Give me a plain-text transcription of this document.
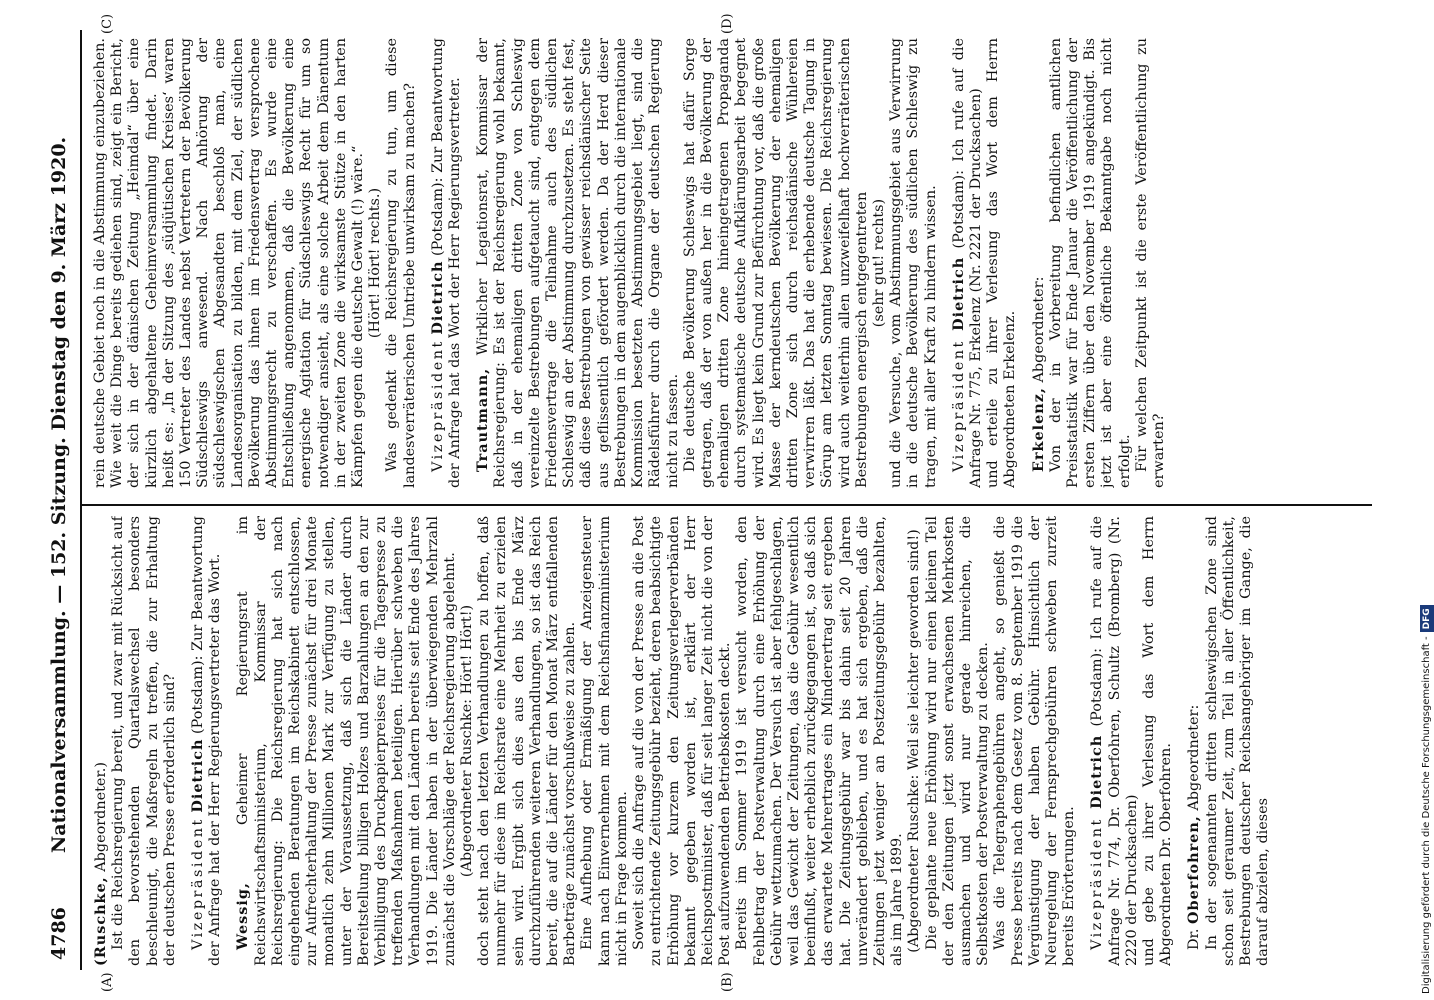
4786
Nationalversammlung. — 152. Sitzung. Dienstag den 9. März 1920.
(A)	(B)
(C)	(D)

(Ruschke, Abgeordneter.) Ist die Reichsregierung bereit, und zwar mit Rücksicht auf den bevorstehenden Quartalswechsel besonders beschleunigt, die Maßregeln zu treffen, die zur Erhaltung der deutschen Presse erforderlich sind? Vizepräsident Dietrich (Potsdam): Zur Beantwortung der Anfrage hat der Herr Regierungsvertreter das Wort. Wessig, Geheimer Regierungsrat im Reichswirtschaftsministerium, Kommissar der Reichsregierung: Die Reichsregierung hat sich nach eingehenden Beratungen im Reichskabinett entschlossen, zur Aufrechterhaltung der Presse zunächst für drei Monate monatlich zehn Millionen Mark zur Verfügung zu stellen, unter der Voraussetzung, daß sich die Länder durch Bereitstellung billigen Holzes und Barzahlungen an den zur Verbilligung des Druckpapierpreises für die Tagespresse zu treffenden Maßnahmen beteiligen. Hierüber schweben die Verhandlungen mit den Ländern bereits seit Ende des Jahres 1919. Die Länder haben in der überwiegenden Mehrzahl zunächst die Vorschläge der Reichsregierung abgelehnt. (Abgeordneter Ruschke: Hört! Hört!) doch steht nach den letzten Verhandlungen zu hoffen, daß nunmehr für diese im Reichsrate eine Mehrheit zu erzielen sein wird. Ergibt sich dies aus den bis Ende März durchzuführenden weiteren Verhandlungen, so ist das Reich bereit, die auf die Länder für den Monat März entfallenden Barbeträge zunächst vorschußweise zu zahlen. Eine Aufhebung oder Ermäßigung der Anzeigensteuer kann nach Einvernehmen mit dem Reichsfinanzministerium nicht in Frage kommen. Soweit sich die Anfrage auf die von der Presse an die Post zu entrichtende Zeitungsgebühr bezieht, deren beabsichtigte Erhöhung vor kurzem den Zeitungsverlegerverbänden bekannt gegeben worden ist, erklärt der Herr Reichspostminister, daß für seit langer Zeit nicht die von der Post aufzuwendenden Betriebskosten deckt. Bereits im Sommer 1919 ist versucht worden, den Fehlbetrag der Postverwaltung durch eine Erhöhung der Gebühr wettzumachen. Der Versuch ist aber fehlgeschlagen, weil das Gewicht der Zeitungen, das die Gebühr wesentlich beeinflußt, weiter erheblich zurückgegangen ist, so daß sich das erwartete Mehrertrages ein Minderertrag seit ergeben hat. Die Zeitungsgebühr war bis dahin seit 20 Jahren unverändert geblieben, und es hat sich ergeben, daß die Zeitungen jetzt weniger an Postzeitungsgebühr bezahlten, als im Jahre 1899. (Abgeordneter Ruschke: Weil sie leichter geworden sind!) Die geplante neue Erhöhung wird nur einen kleinen Teil der den Zeitungen jetzt sonst erwachsenen Mehrkosten ausmachen und wird nur gerade hinreichen, die Selbstkosten der Postverwaltung zu decken. Was die Telegraphengebühren angeht, so genießt die Presse bereits nach dem Gesetz vom 8. September 1919 die Vergünstigung der halben Gebühr. Hinsichtlich der Neuregelung der Fernsprechgebühren schweben zurzeit bereits Erörterungen. Vizepräsident Dietrich (Potsdam): Ich rufe auf die Anfrage Nr. 774, Dr. Oberfohren, Schultz (Bromberg) (Nr. 2220 der Drucksachen) und gebe zu ihrer Verlesung das Wort dem Herrn Abgeordneten Dr. Oberfohren. Dr. Oberfohren, Abgeordneter: In der sogenannten dritten schleswigschen Zone sind schon seit geraumer Zeit, zum Teil in aller Öffentlichkeit, Bestrebungen deutscher Reichsangehöriger im Gange, die darauf abzielen, dieses

rein deutsche Gebiet noch in die Abstimmung einzubeziehen. Wie weit die Dinge bereits gediehen sind, zeigt ein Bericht, der sich in der dänischen Zeitung „Heimdal“ über eine kürzlich abgehaltene Geheimversammlung findet. Darin heißt es: „In der Sitzung des ‚südjütischen Kreises‘ waren 150 Vertreter des Landes nebst Vertretern der Bevölkerung Südschleswigs anwesend. Nach Anhörung der südschleswigschen Abgesandten beschloß man, eine Landesorganisation zu bilden, mit dem Ziel, der südlichen Bevölkerung das ihnen im Friedensvertrag versprochene Abstimmungsrecht zu verschaffen. Es wurde eine Entschließung angenommen, daß die Bevölkerung eine energische Agitation für Südschleswigs Recht für um so notwendiger ansieht, als eine solche Arbeit dem Dänentum in der zweiten Zone die wirksamste Stütze in den harten Kämpfen gegen die deutsche Gewalt (!) wäre.“ (Hört! Hört! rechts.) Was gedenkt die Reichsregierung zu tun, um diese landesverräterischen Umtriebe unwirksam zu machen? Vizepräsident Dietrich (Potsdam): Zur Beantwortung der Anfrage hat das Wort der Herr Regierungsvertreter. Trautmann, Wirklicher Legationsrat, Kommissar der Reichsregierung: Es ist der Reichsregierung wohl bekannt, daß in der ehemaligen dritten Zone von Schleswig vereinzelte Bestrebungen aufgetaucht sind, entgegen dem Friedensvertrage die Teilnahme auch des südlichen Schleswig an der Abstimmung durchzusetzen. Es steht fest, daß diese Bestrebungen von gewisser reichsdänischer Seite aus geflissentlich gefördert werden. Da der Herd dieser Bestrebungen in dem augenblicklich durch die internationale Kommission besetzten Abstimmungsgebiet liegt, sind die Rädelsführer durch die Organe der deutschen Regierung nicht zu fassen. Die deutsche Bevölkerung Schleswigs hat dafür Sorge getragen, daß der von außen her in die Bevölkerung der ehemaligen dritten Zone hineingetragenen Propaganda durch systematische deutsche Aufklärungsarbeit begegnet wird. Es liegt kein Grund zur Befürchtung vor, daß die große Masse der kerndeutschen Bevölkerung der ehemaligen dritten Zone sich durch reichsdänische Wühlereien verwirren läßt. Das hat die erhebende deutsche Tagung in Sörup am letzten Sonntag bewiesen. Die Reichsregierung wird auch weiterhin allen unzweifelhaft hochverräterischen Bestrebungen energisch entgegentreten (sehr gut! rechts) und die Versuche, vom Abstimmungsgebiet aus Verwirrung in die deutsche Bevölkerung des südlichen Schleswig zu tragen, mit aller Kraft zu hindern wissen. Vizepräsident Dietrich (Potsdam): Ich rufe auf die Anfrage Nr. 775, Erkelenz (Nr. 2221 der Drucksachen) und erteile zu ihrer Verlesung das Wort dem Herrn Abgeordneten Erkelenz. Erkelenz, Abgeordneter: Von der in Vorbereitung befindlichen amtlichen Preisstatistik war für Ende Januar die Veröffentlichung der ersten Ziffern über den November 1919 angekündigt. Bis jetzt ist aber eine öffentliche Bekanntgabe noch nicht erfolgt. Für welchen Zeitpunkt ist die erste Veröffentlichung zu erwarten?

Digitalisierung gefördert durch die Deutsche Forschungsgemeinschaft -DFG
